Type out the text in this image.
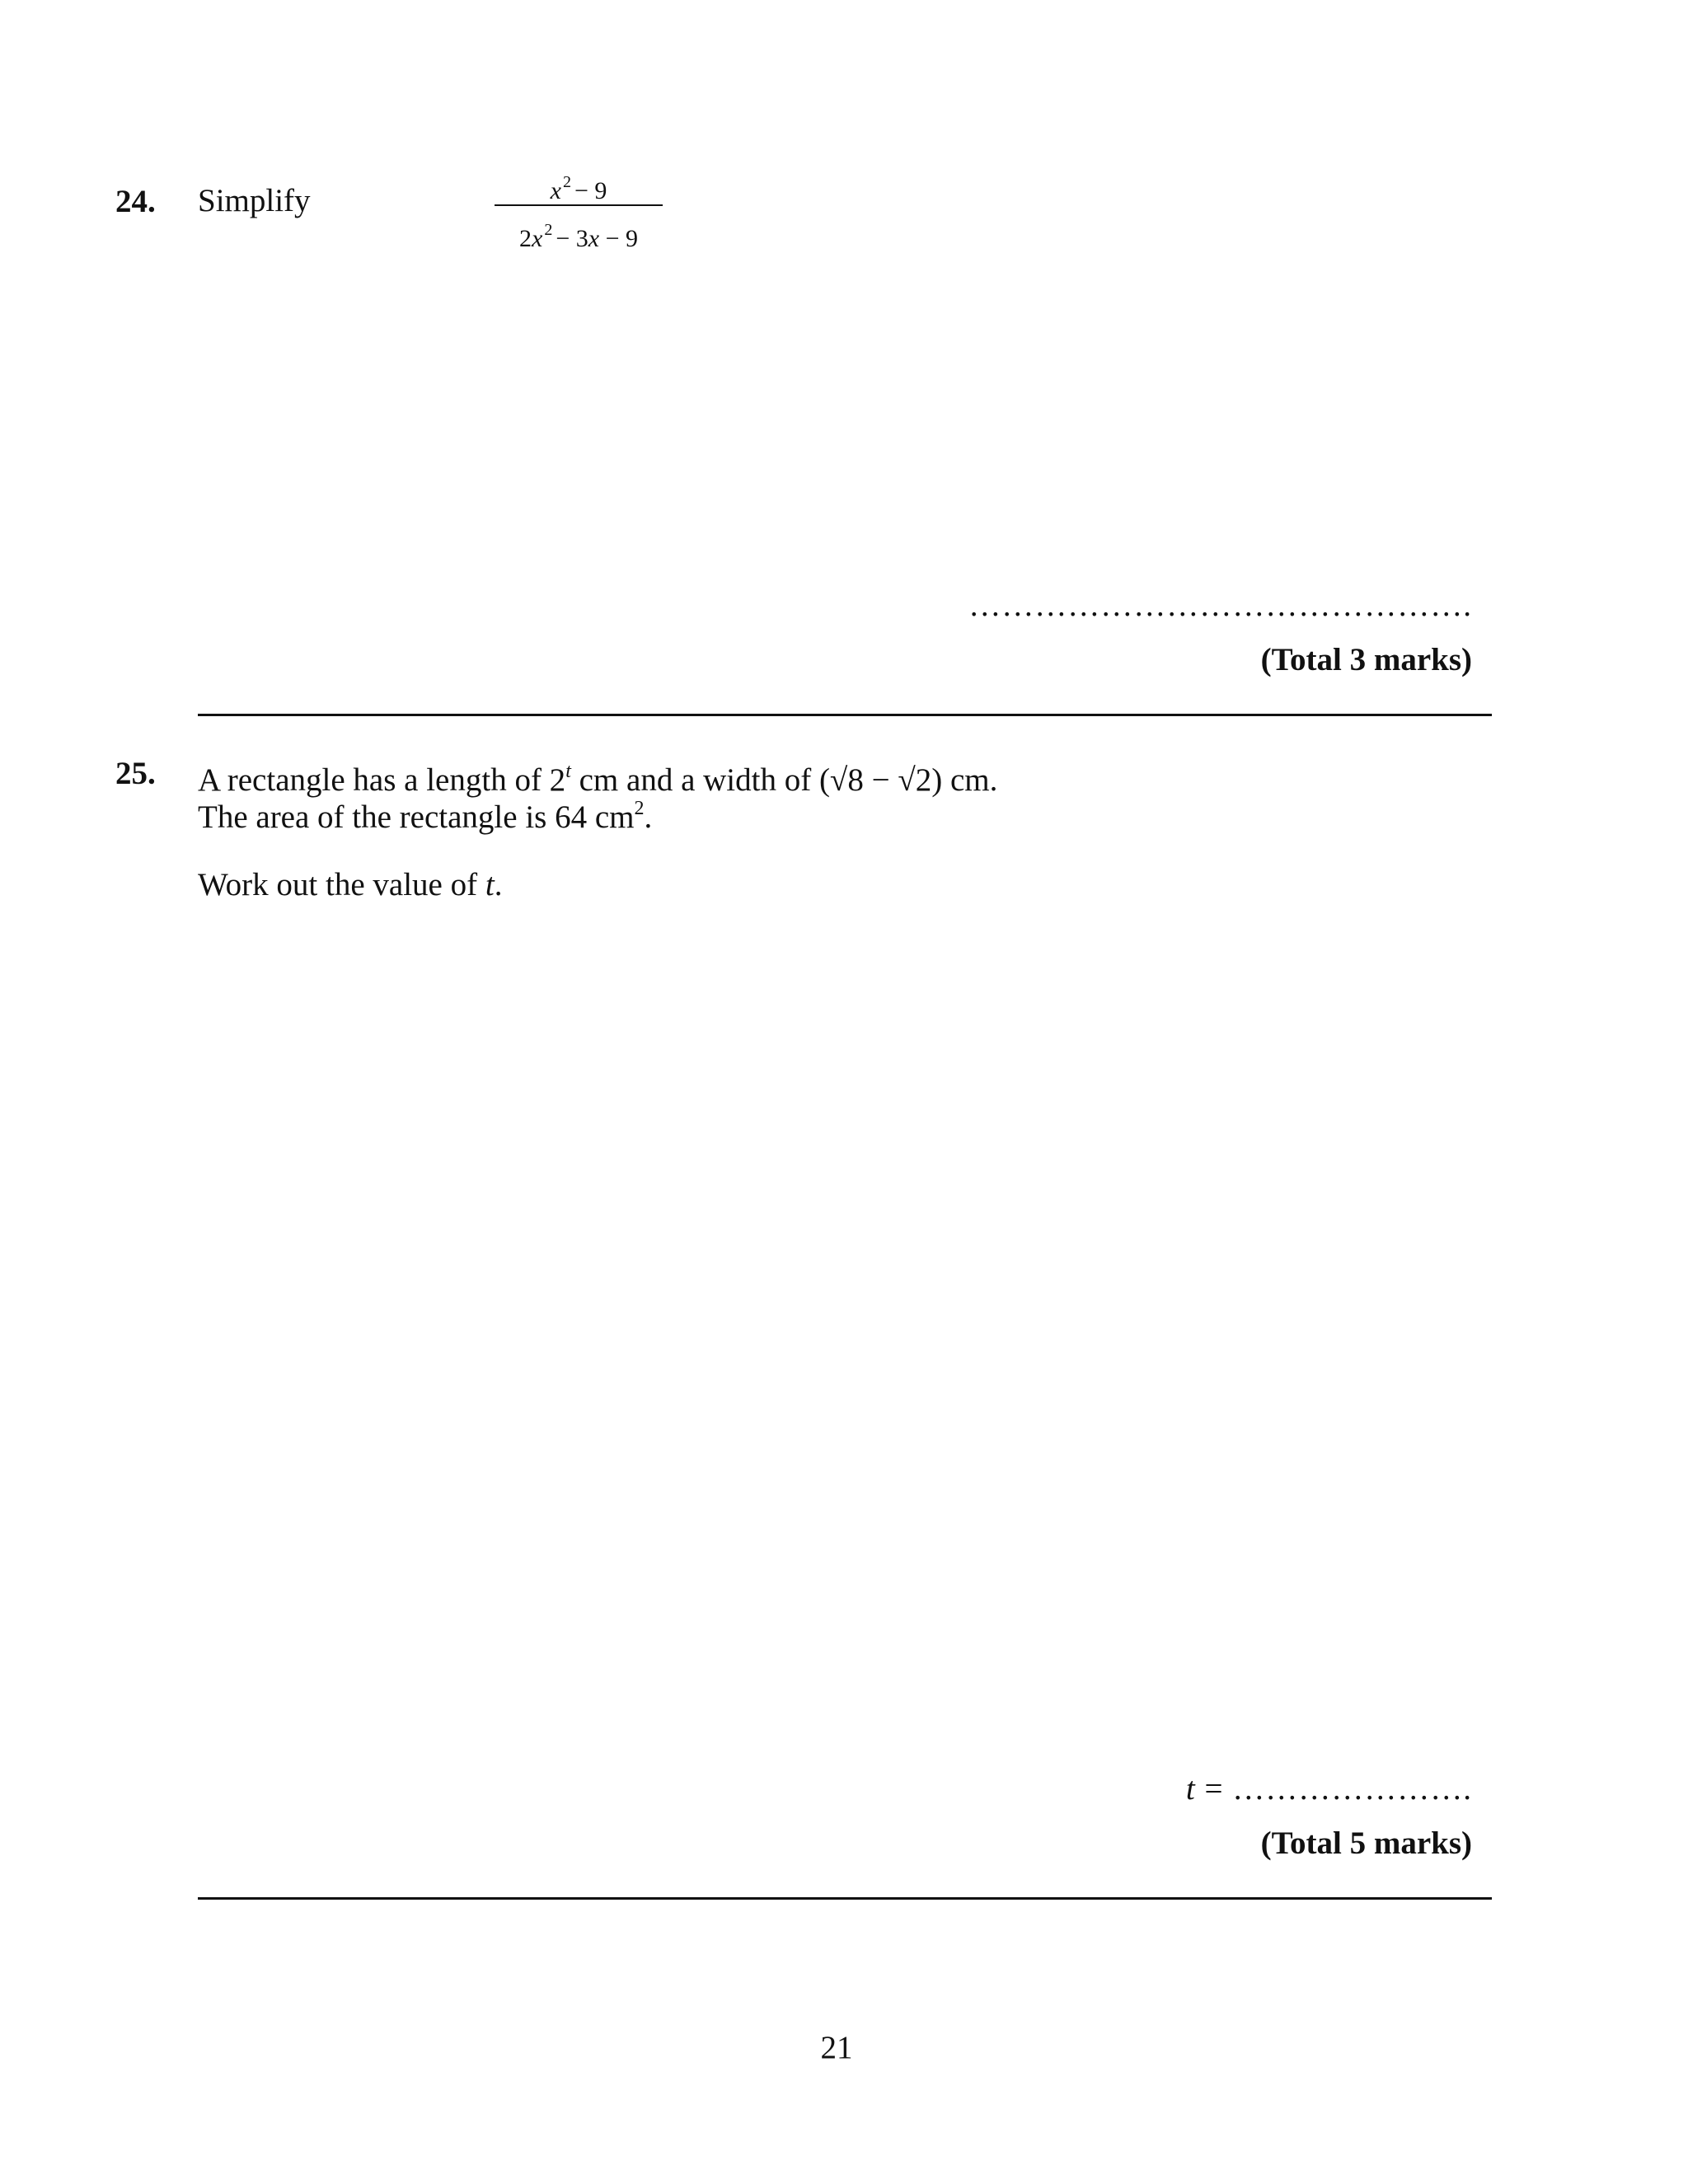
24. Simplify	x $^2$ − 9
2x $^2$ − 3x − 9
……………………………………….
(Total 3 marks)
25. A rectangle has a length of 2$^t$ cm and a width of (√8 − √2) cm.
The area of the rectangle is 64 $cm^2$.
Work out the value of t.
t = ………………….
(Total 5 marks)
21
